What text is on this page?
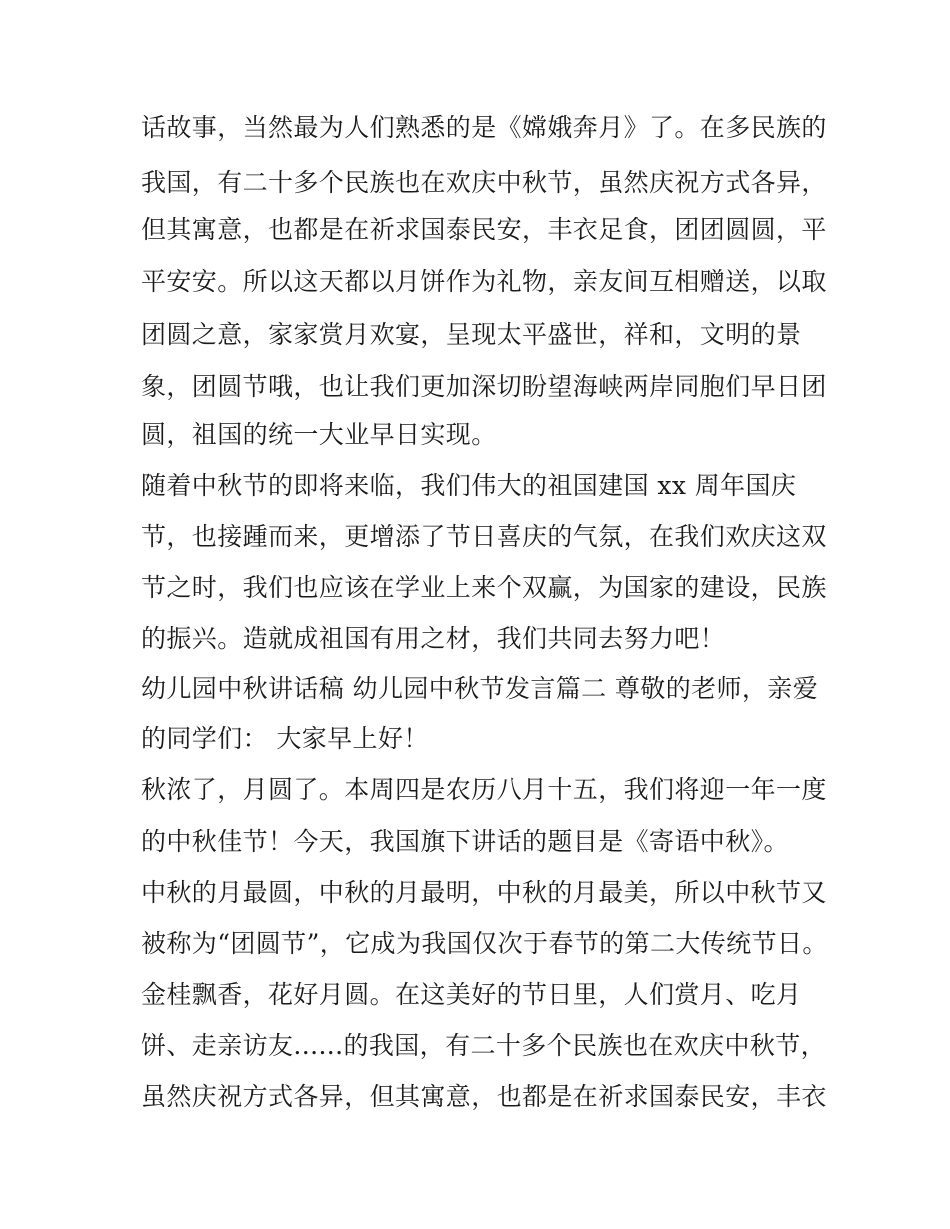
话故事，当然最为人们熟悉的是《嫦娥奔月》了。在多民族的

我国，有二十多个民族也在欢庆中秋节，虽然庆祝方式各异，

但其寓意，也都是在祈求国泰民安，丰衣足食，团团圆圆，平

平安安。所以这天都以月饼作为礼物，亲友间互相赠送，以取

团圆之意，家家赏月欢宴，呈现太平盛世，祥和，文明的景

象，团圆节哦，也让我们更加深切盼望海峡两岸同胞们早日团

圆，祖国的统一大业早日实现。

随着中秋节的即将来临，我们伟大的祖国建国 xx 周年国庆

节，也接踵而来，更增添了节日喜庆的气氛，在我们欢庆这双

节之时，我们也应该在学业上来个双赢，为国家的建设，民族

的振兴。造就成祖国有用之材，我们共同去努力吧！

幼儿园中秋讲话稿 幼儿园中秋节发言篇二 尊敬的老师，亲爱

的同学们： 大家早上好！

秋浓了，月圆了。本周四是农历八月十五，我们将迎一年一度

的中秋佳节！今天，我国旗下讲话的题目是《寄语中秋》。

中秋的月最圆，中秋的月最明，中秋的月最美，所以中秋节又

被称为“团圆节”，它成为我国仅次于春节的第二大传统节日。

金桂飘香，花好月圆。在这美好的节日里，人们赏月、吃月

饼、走亲访友......的我国，有二十多个民族也在欢庆中秋节，

虽然庆祝方式各异，但其寓意，也都是在祈求国泰民安，丰衣
